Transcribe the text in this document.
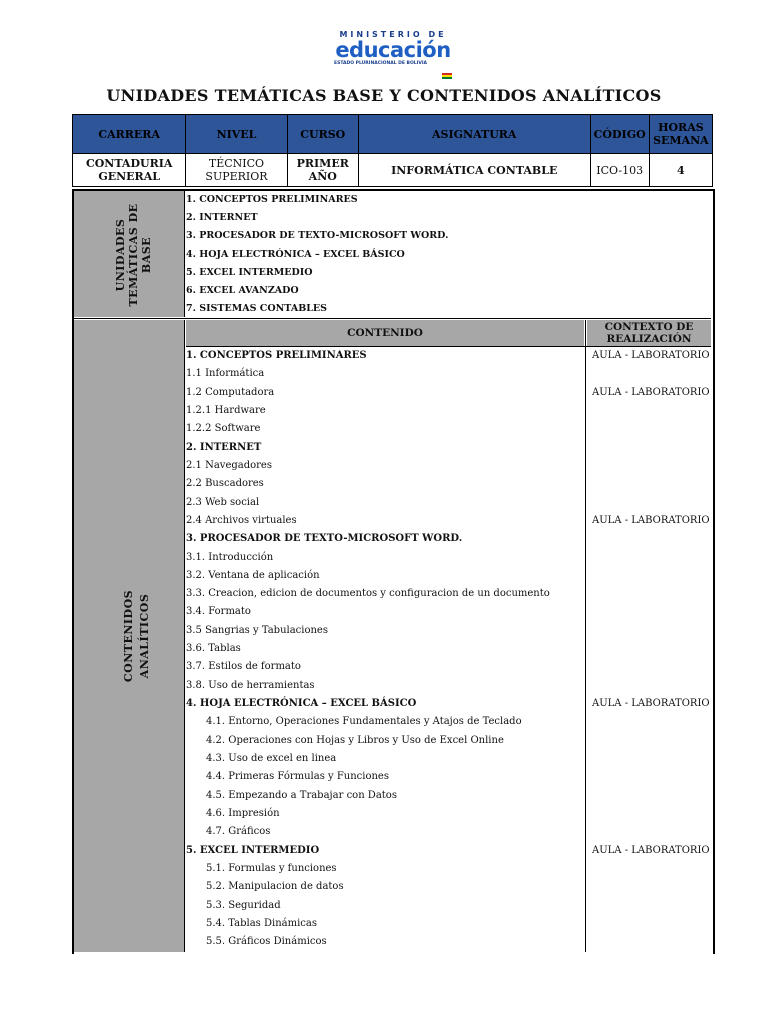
MINISTERIO DE
educación
ESTADO PLURINACIONAL DE BOLIVIA
UNIDADES TEMÁTICAS BASE Y CONTENIDOS ANALÍTICOS
CARRERA	NIVEL	CURSO	ASIGNATURA	CÓDIGO	HORAS SEMANA
CONTADURIA GENERAL	TÉCNICO SUPERIOR	PRIMER AÑO	INFORMÁTICA CONTABLE	ICO-103	4
UNIDADES TEMÁTICAS DE BASE
CONTENIDOS ANALÍTICOS
1. CONCEPTOS PRELIMINARES
2. INTERNET
3. PROCESADOR DE TEXTO-MICROSOFT WORD.
4. HOJA ELECTRÓNICA – EXCEL BÁSICO
5. EXCEL INTERMEDIO
6. EXCEL AVANZADO
7. SISTEMAS CONTABLES
CONTENIDO	CONTEXTO DE REALIZACIÓN
1. CONCEPTOS PRELIMINARES	AULA - LABORATORIO
1.1 Informática
1.2 Computadora	AULA - LABORATORIO
1.2.1 Hardware
1.2.2 Software
2. INTERNET
2.1 Navegadores
2.2 Buscadores
2.3 Web social
2.4 Archivos virtuales	AULA - LABORATORIO
3. PROCESADOR DE TEXTO-MICROSOFT WORD.
3.1. Introducción
3.2. Ventana de aplicación
3.3. Creacion, edicion de documentos y configuracion de un documento
3.4. Formato
3.5 Sangrias y Tabulaciones
3.6. Tablas
3.7. Estilos de formato
3.8. Uso de herramientas
4. HOJA ELECTRÓNICA – EXCEL BÁSICO	AULA - LABORATORIO
4.1. Entorno, Operaciones Fundamentales y Atajos de Teclado
4.2. Operaciones con Hojas y Libros y Uso de Excel Online
4.3. Uso de excel en linea
4.4. Primeras Fórmulas y Funciones
4.5. Empezando a Trabajar con Datos
4.6. Impresión
4.7. Gráficos
5. EXCEL INTERMEDIO	AULA - LABORATORIO
5.1. Formulas y funciones
5.2. Manipulacion de datos
5.3. Seguridad
5.4. Tablas Dinámicas
5.5. Gráficos Dinámicos
